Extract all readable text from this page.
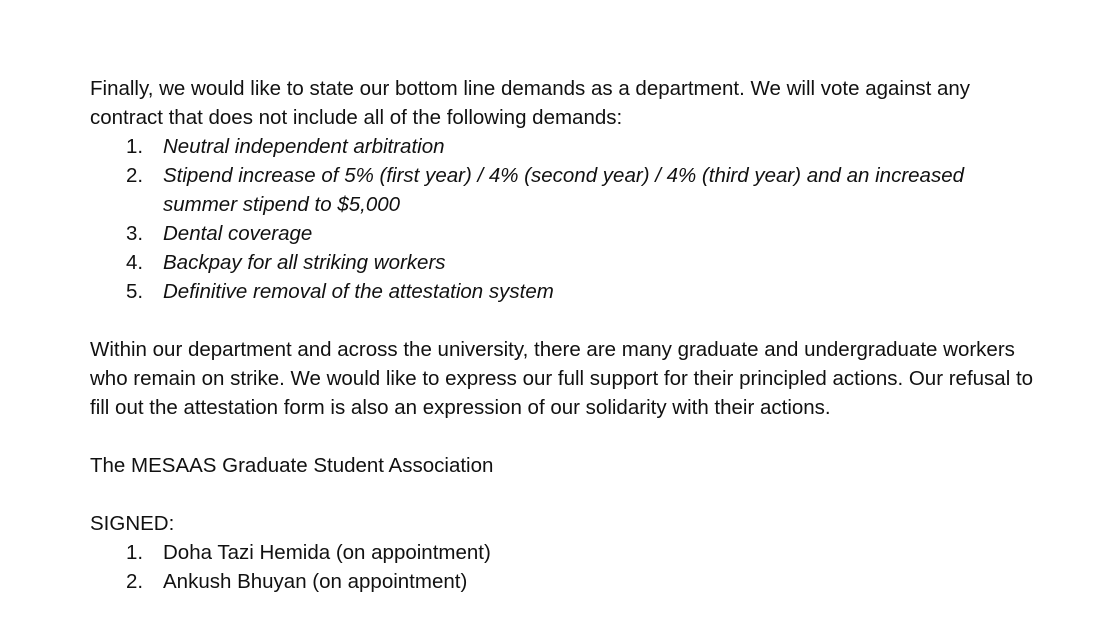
Finally, we would like to state our bottom line demands as a department. We will vote against any contract that does not include all of the following demands:

1. Neutral independent arbitration
2. Stipend increase of 5% (first year) / 4% (second year) / 4% (third year) and an increased summer stipend to $5,000
3. Dental coverage
4. Backpay for all striking workers
5. Definitive removal of the attestation system

Within our department and across the university, there are many graduate and undergraduate workers who remain on strike. We would like to express our full support for their principled actions. Our refusal to fill out the attestation form is also an expression of our solidarity with their actions.

The MESAAS Graduate Student Association

SIGNED:

1. Doha Tazi Hemida (on appointment)
2. Ankush Bhuyan (on appointment)
